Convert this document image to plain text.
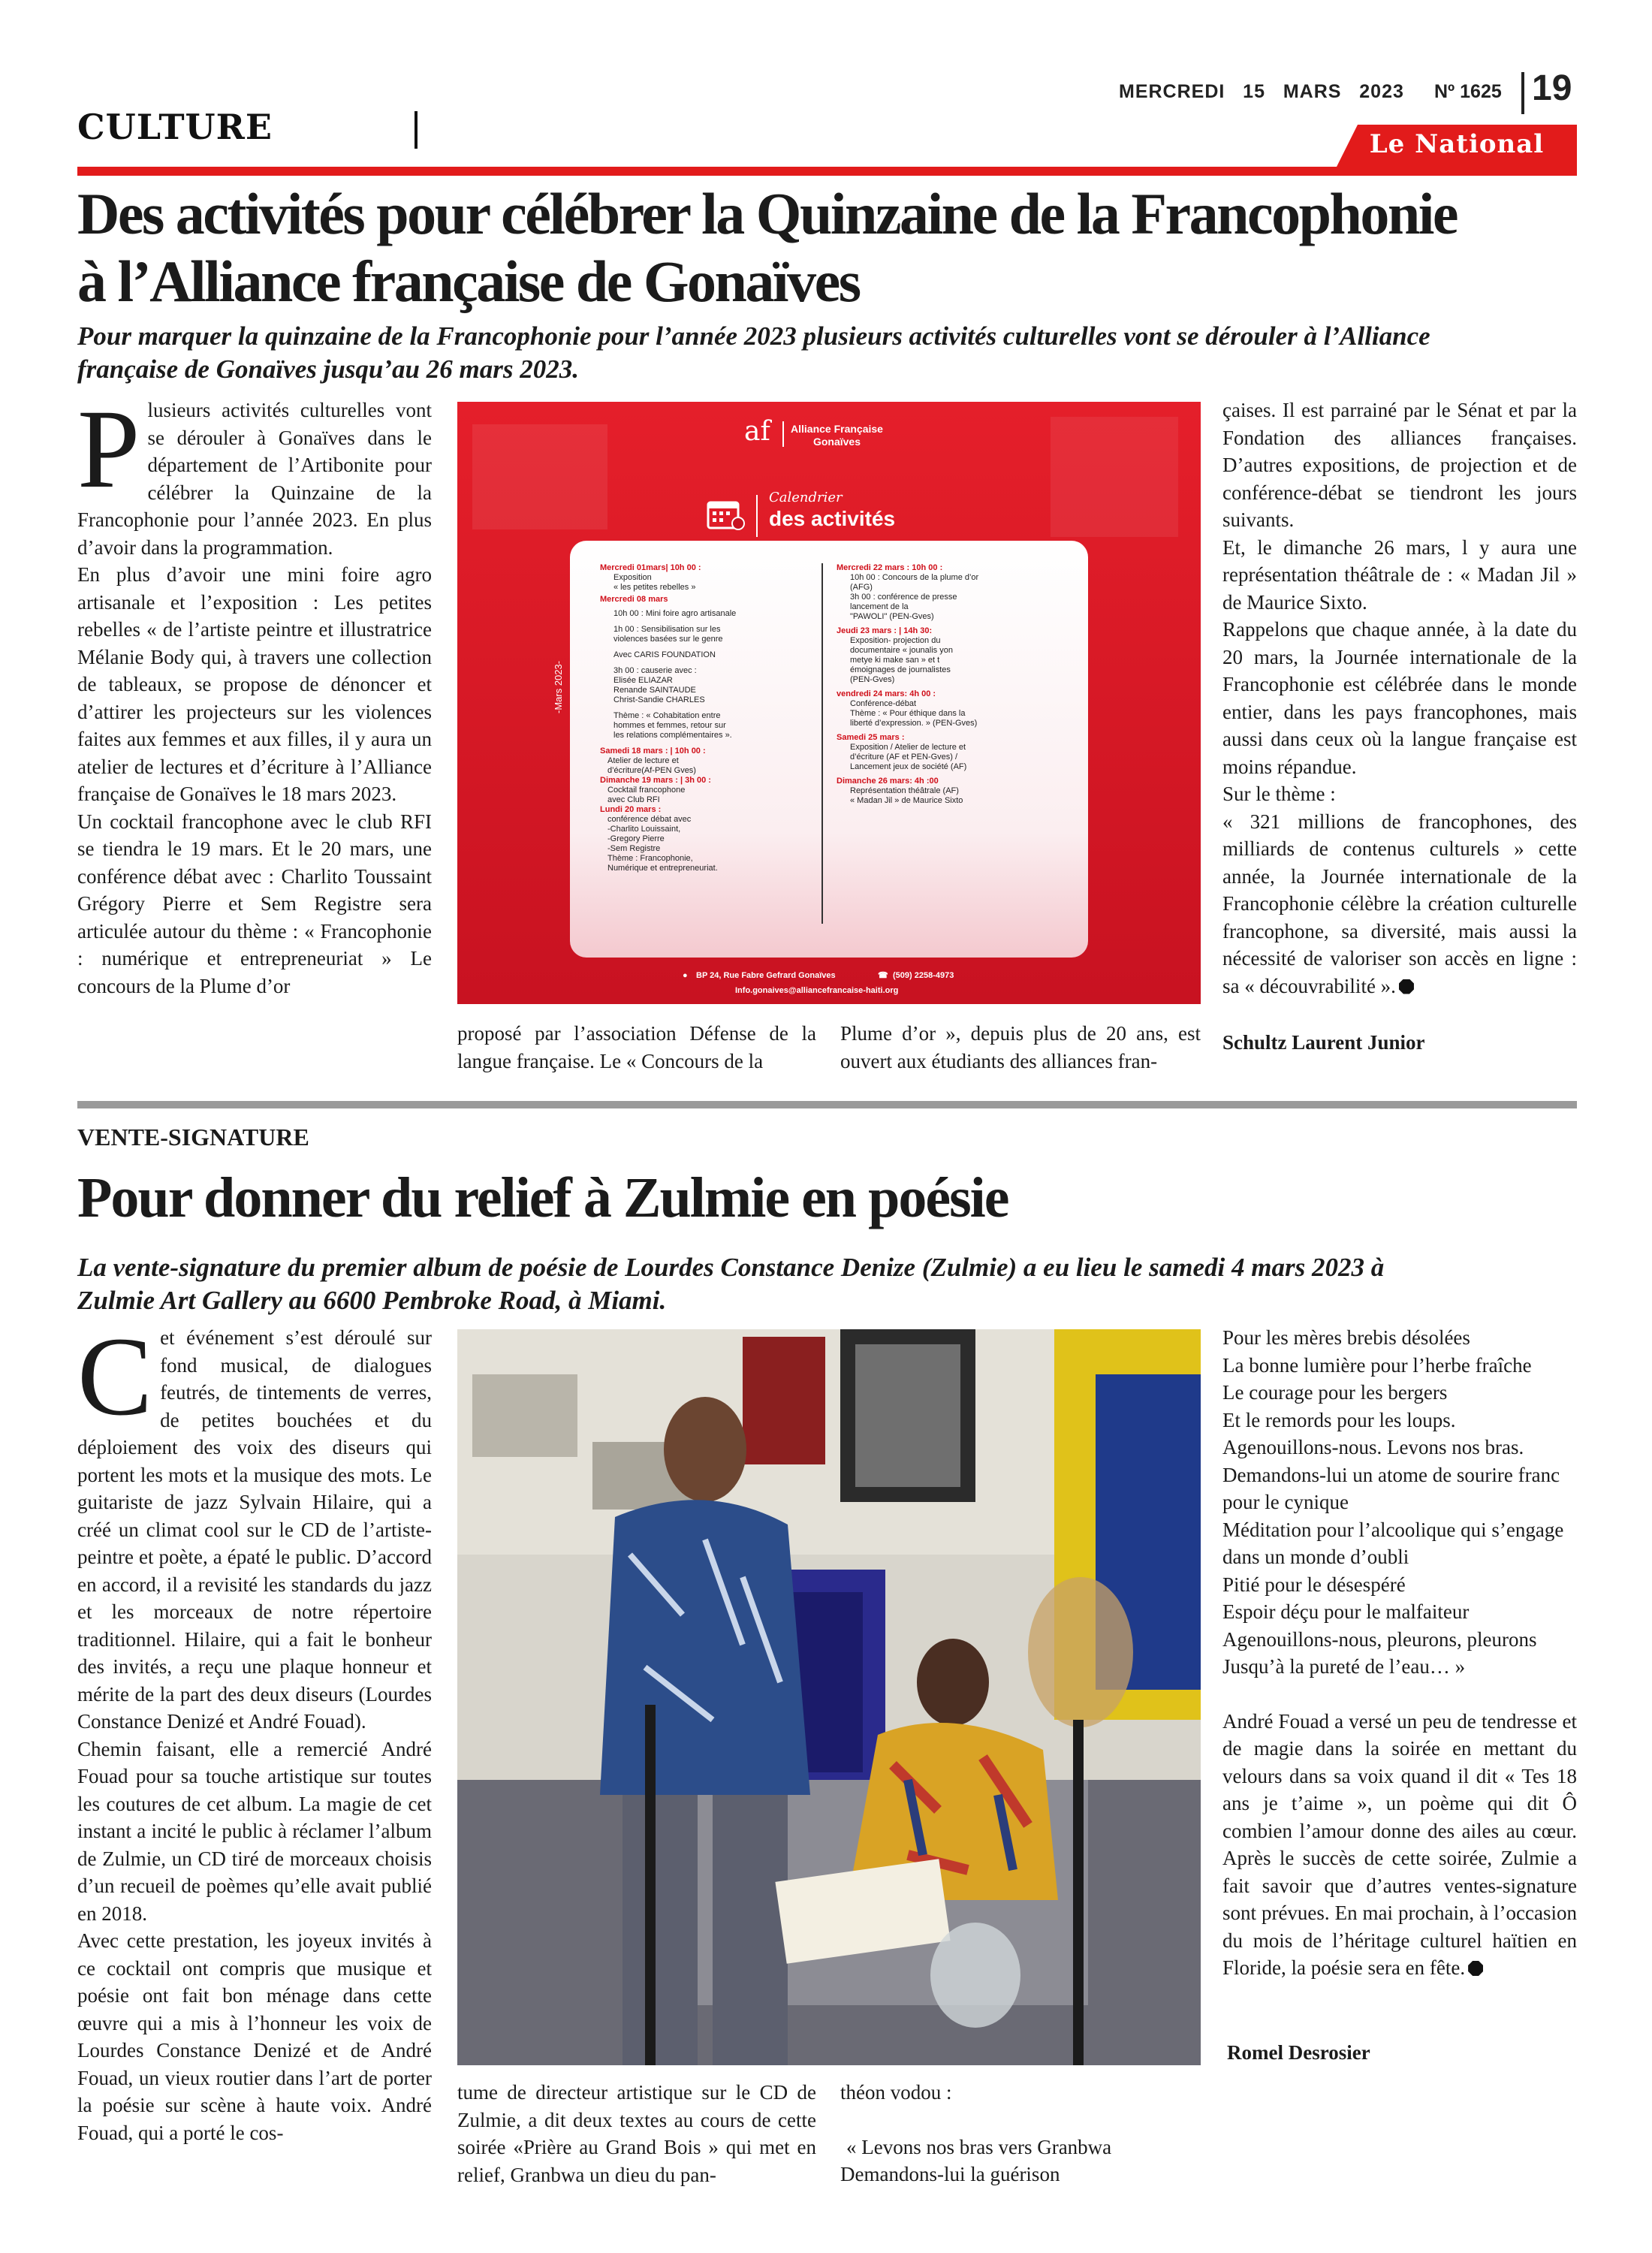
MERCREDI   15   MARS   2023 Nº 1625 19
CULTURE	Le National
Des activités pour célébrer la Quinzaine de la Francophonie
à l’Alliance française de Gonaïves
Pour marquer la quinzaine de la Francophonie pour l’année 2023 plusieurs activités culturelles vont se dérouler à l’Alliance
française de Gonaïves jusqu’au 26 mars 2023.

Plusieurs activités culturelles vont se dérouler à Gonaïves dans le département de l’Artibonite pour célébrer la Quinzaine de la Francophonie pour l’année 2023. En plus d’avoir dans la programmation.

En plus d’avoir une mini foire agro artisanale et l’exposition : Les petites rebelles « de l’artiste peintre et illustratrice Mélanie Body qui, à travers une collection de tableaux, se propose de dénoncer et d’attirer les projecteurs sur les violences faites aux femmes et aux filles, il y aura un atelier de lectures et d’écriture à l’Alliance française de Gonaïves le 18 mars 2023.

Un cocktail francophone avec le club RFI se tiendra le 19 mars. Et le 20 mars, une conférence débat avec : Charlito Toussaint Grégory Pierre et Sem Registre sera articulée autour du thème : « Francophonie : numérique et entrepreneuriat » Le concours de la Plume d’or

proposé par l’association Défense de la langue française. Le « Concours de la
Plume d’or », depuis plus de 20 ans, est ouvert aux étudiants des alliances fran-

çaises. Il est parrainé par le Sénat et par la Fondation des alliances françaises. D’autres expositions, de projection et de conférence-débat se tiendront les jours suivants.

Et, le dimanche 26 mars, l y aura une représentation théâtrale de : « Madan Jil » de Maurice Sixto.

Rappelons que chaque année, à la date du 20 mars, la Journée internationale de la Francophonie est célébrée dans le monde entier, dans les pays francophones, mais aussi dans ceux où la langue française est moins répandue.

Sur le thème :

« 321 millions de francophones, des milliards de contenus culturels » cette année, la Journée internationale de la Francophonie célèbre la création culturelle francophone, sa diversité, mais aussi la nécessité de valoriser son accès en ligne : sa « découvrabilité ».

Schultz Laurent Junior
af Alliance Française
Gonaïves
Calendrier
des activités
-Mars 2023-
Mercredi 01mars| 10h 00 :
Exposition
« les petites rebelles »
Mercredi 08 mars
10h 00 : Mini foire agro artisanale
1h 00 : Sensibilisation sur les
violences basées sur le genre
Avec CARIS FOUNDATION
3h 00 : causerie avec :
Elisée ELIAZAR
Renande SAINTAUDE
Christ-Sandie CHARLES
Thème : « Cohabitation entre
hommes et femmes, retour sur
les relations complémentaires ».
Samedi 18 mars : | 10h 00 :
Atelier de lecture et
d’écriture(Af-PEN Gves)
Dimanche 19 mars : | 3h 00 :
Cocktail francophone
avec Club RFI
Lundi 20 mars :
conférence débat avec
-Charlito Louissaint,
-Gregory Pierre
-Sem Registre
Thème : Francophonie,
Numérique et entrepreneuriat.
Mercredi 22 mars : 10h 00 :
10h 00 : Concours de la plume d’or
(AFG)
3h 00 : conférence de presse
lancement de la
"PAWOLI" (PEN-Gves)
Jeudi 23 mars : | 14h 30:
Exposition- projection du
documentaire « jounalis yon
metye ki make san » et t
émoignages de journalistes
(PEN-Gves)
vendredi 24 mars: 4h 00 :
Conférence-débat
Thème : « Pour éthique dans la
liberté d’expression. » (PEN-Gves)
Samedi 25 mars :
Exposition / Atelier de lecture et
d’écriture (AF et PEN-Gves) /
Lancement jeux de société (AF)
Dimanche 26 mars: 4h :00
Représentation théâtrale (AF)
« Madan Jil » de Maurice Sixto
● BP 24, Rue Fabre Gefrard Gonaïves	☎ (509) 2258-4973
Info.gonaives@alliancefrancaise-haiti.org
VENTE-SIGNATURE
Pour donner du relief à Zulmie en poésie
La vente-signature du premier album de poésie de Lourdes Constance Denize (Zulmie) a eu lieu le samedi 4 mars 2023 à
Zulmie Art Gallery au 6600 Pembroke Road, à Miami.

Cet événement s’est déroulé sur fond musical, de dialogues feutrés, de tintements de verres, de petites bouchées et du déploiement des voix des diseurs qui portent les mots et la musique des mots. Le guitariste de jazz Sylvain Hilaire, qui a créé un climat cool sur le CD de l’artiste-peintre et poète, a épaté le public. D’accord en accord, il a revisité les standards du jazz et les morceaux de notre répertoire traditionnel. Hilaire, qui a fait le bonheur des invités, a reçu une plaque honneur et mérite de la part des deux diseurs (Lourdes Constance Denizé et André Fouad).

Chemin faisant, elle a remercié André Fouad pour sa touche artistique sur toutes les coutures de cet album. La magie de cet instant a incité le public à réclamer l’album de Zulmie, un CD tiré de morceaux choisis d’un recueil de poèmes qu’elle avait publié en 2018.

Avec cette prestation, les joyeux invités à ce cocktail ont compris que musique et poésie ont fait bon ménage dans cette œuvre qui a mis à l’honneur les voix de Lourdes Constance Denizé et de André Fouad, un vieux routier dans l’art de porter la poésie sur scène à haute voix. André Fouad, qui a porté le cos-

tume de directeur artistique sur le CD de Zulmie, a dit deux textes au cours de cette soirée «Prière au Grand Bois » qui met en relief, Granbwa un dieu du pan-

théon vodou :

« Levons nos bras vers Granbwa

Demandons-lui la guérison

Pour les mères brebis désolées
La bonne lumière pour l’herbe fraîche
Le courage pour les bergers
Et le remords pour les loups.
Agenouillons-nous. Levons nos bras.
Demandons-lui un atome de sourire franc pour le cynique
Méditation pour l’alcoolique qui s’engage dans un monde d’oubli
Pitié pour le désespéré
Espoir déçu pour le malfaiteur
Agenouillons-nous, pleurons, pleurons
Jusqu’à la pureté de l’eau… »

André Fouad a versé un peu de tendresse et de magie dans la soirée en mettant du velours dans sa voix quand il dit « Tes 18 ans je t’aime », un poème qui dit Ô combien l’amour donne des ailes au cœur. Après le succès de cette soirée, Zulmie a fait savoir que d’autres ventes-signature sont prévues. En mai prochain, à l’occasion du mois de l’héritage culturel haïtien en Floride, la poésie sera en fête.

Romel Desrosier
